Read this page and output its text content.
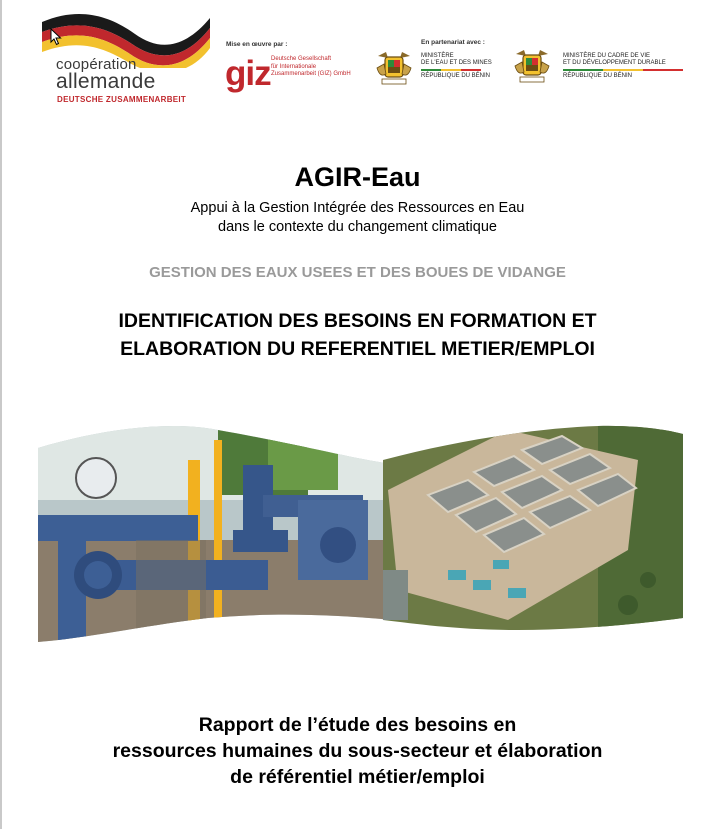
coopération
allemande
DEUTSCHE ZUSAMMENARBEIT
Mise en œuvre par :
giz Deutsche Gesellschaft
für Internationale
Zusammenarbeit (GIZ) GmbH
En partenariat avec :
MINISTÈRE
DE L'EAU ET DES MINES
RÉPUBLIQUE DU BÉNIN
MINISTÈRE DU CADRE DE VIE
ET DU DÉVELOPPEMENT DURABLE
RÉPUBLIQUE DU BÉNIN
AGIR-Eau
Appui à la Gestion Intégrée des Ressources en Eau
dans le contexte du changement climatique
GESTION DES EAUX USEES ET DES BOUES DE VIDANGE
IDENTIFICATION DES BESOINS EN FORMATION ET
ELABORATION DU REFERENTIEL METIER/EMPLOI
Rapport de l’étude des besoins en
ressources humaines du sous-secteur et élaboration
de référentiel métier/emploi
